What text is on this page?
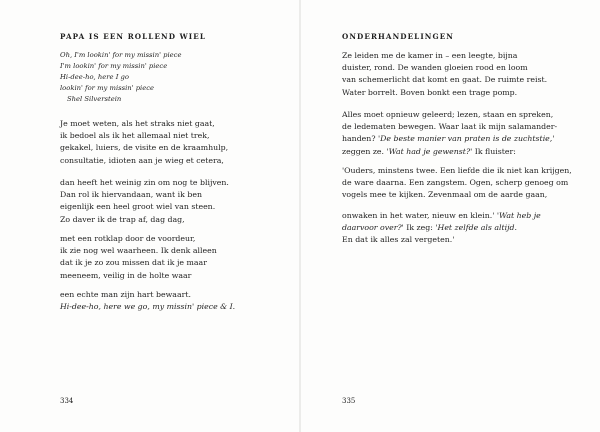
PAPA IS EEN ROLLEND WIEL
Oh, I'm lookin' for my missin' piece
I'm lookin' for my missin' piece
Hi-dee-ho, here I go
lookin' for my missin' piece
Shel Silverstein
Je moet weten, als het straks niet gaat,
ik bedoel als ik het allemaal niet trek,
gekakel, luiers, de visite en de kraamhulp,
consultatie, idioten aan je wieg et cetera,
dan heeft het weinig zin om nog te blijven.
Dan rol ik hiervandaan, want ik ben
eigenlijk een heel groot wiel van steen.
Zo daver ik de trap af, dag dag,
met een rotklap door de voordeur,
ik zie nog wel waarheen. Ik denk alleen
dat ik je zo zou missen dat ik je maar
meeneem, veilig in de holte waar
een echte man zijn hart bewaart.
Hi-dee-ho, here we go, my missin' piece & I.
334
ONDERHANDELINGEN
Ze leiden me de kamer in – een leegte, bijna
duister, rond. De wanden gloeien rood en loom
van schemerlicht dat komt en gaat. De ruimte reist.
Water borrelt. Boven bonkt een trage pomp.
Alles moet opnieuw geleerd; lezen, staan en spreken,
de ledematen bewegen. Waar laat ik mijn salamander-
handen? 'De beste manier van praten is de zuchtstie,'
zeggen ze. 'Wat had je gewenst?' Ik fluister:
'Ouders, minstens twee. Een liefde die ik niet kan krijgen,
de ware daarna. Een zangstem. Ogen, scherp genoeg om
vogels mee te kijken. Zevenmaal om de aarde gaan,
onwaken in het water, nieuw en klein.' 'Wat heb je
daarvoor over?' Ik zeg: 'Het zelfde als altijd.
En dat ik alles zal vergeten.'
335
